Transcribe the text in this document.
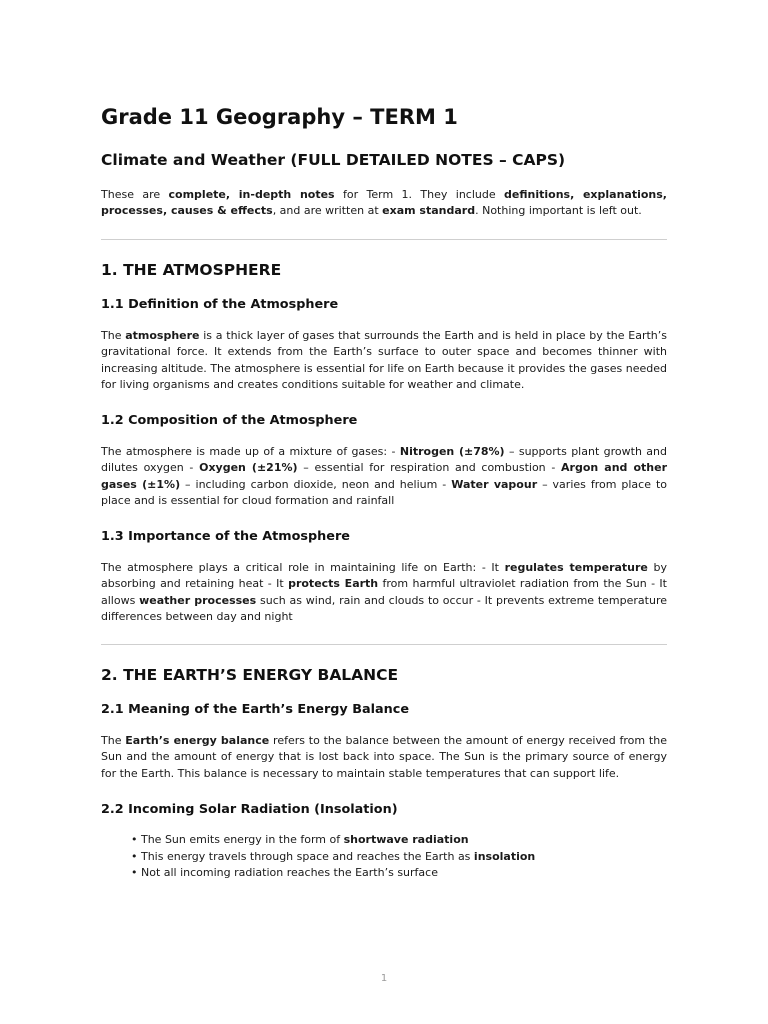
Grade 11 Geography – TERM 1
Climate and Weather (FULL DETAILED NOTES – CAPS)

These are complete, in-depth notes for Term 1. They include definitions, explanations, processes, causes & effects, and are written at exam standard. Nothing important is left out.

1. THE ATMOSPHERE
1.1 Definition of the Atmosphere

The atmosphere is a thick layer of gases that surrounds the Earth and is held in place by the Earth’s gravitational force. It extends from the Earth’s surface to outer space and becomes thinner with increasing altitude. The atmosphere is essential for life on Earth because it provides the gases needed for living organisms and creates conditions suitable for weather and climate.

1.2 Composition of the Atmosphere

The atmosphere is made up of a mixture of gases: - Nitrogen (±78%) – supports plant growth and dilutes oxygen - Oxygen (±21%) – essential for respiration and combustion - Argon and other gases (±1%) – including carbon dioxide, neon and helium - Water vapour – varies from place to place and is essential for cloud formation and rainfall

1.3 Importance of the Atmosphere

The atmosphere plays a critical role in maintaining life on Earth: - It regulates temperature by absorbing and retaining heat - It protects Earth from harmful ultraviolet radiation from the Sun - It allows weather processes such as wind, rain and clouds to occur - It prevents extreme temperature differences between day and night

2. THE EARTH’S ENERGY BALANCE
2.1 Meaning of the Earth’s Energy Balance

The Earth’s energy balance refers to the balance between the amount of energy received from the Sun and the amount of energy that is lost back into space. The Sun is the primary source of energy for the Earth. This balance is necessary to maintain stable temperatures that can support life.

2.2 Incoming Solar Radiation (Insolation)
• The Sun emits energy in the form of shortwave radiation
• This energy travels through space and reaches the Earth as insolation
• Not all incoming radiation reaches the Earth’s surface
1
